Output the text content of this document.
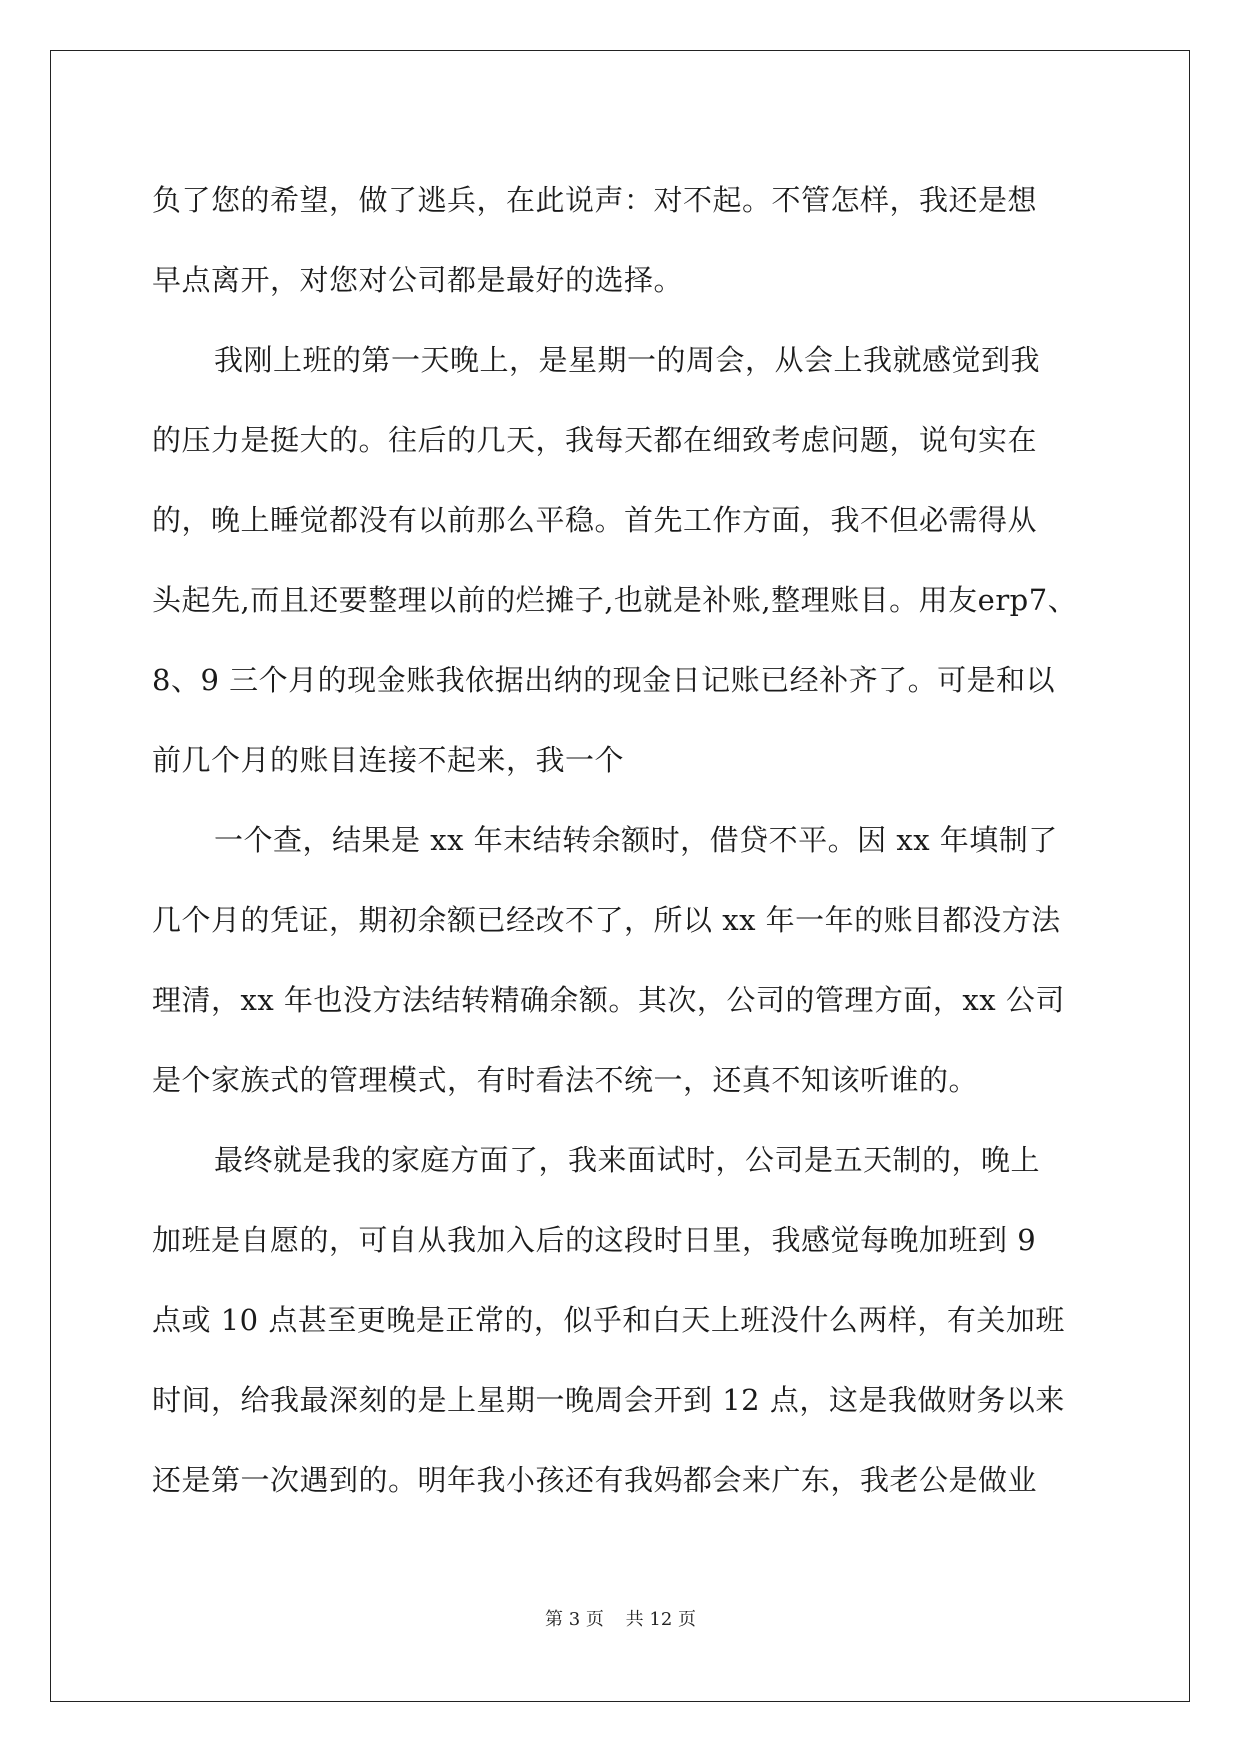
负了您的希望，做了逃兵，在此说声：对不起。不管怎样，我还是想
早点离开，对您对公司都是最好的选择。
我刚上班的第一天晚上，是星期一的周会，从会上我就感觉到我
的压力是挺大的。往后的几天，我每天都在细致考虑问题，说句实在
的，晚上睡觉都没有以前那么平稳。首先工作方面，我不但必需得从
头起先,而且还要整理以前的烂摊子,也就是补账,整理账目。用友erp7、
8、9 三个月的现金账我依据出纳的现金日记账已经补齐了。可是和以
前几个月的账目连接不起来，我一个
一个查，结果是 xx 年末结转余额时，借贷不平。因 xx 年填制了
几个月的凭证，期初余额已经改不了，所以 xx 年一年的账目都没方法
理清，xx 年也没方法结转精确余额。其次，公司的管理方面，xx 公司
是个家族式的管理模式，有时看法不统一，还真不知该听谁的。
最终就是我的家庭方面了，我来面试时，公司是五天制的，晚上
加班是自愿的，可自从我加入后的这段时日里，我感觉每晚加班到 9
点或 10 点甚至更晚是正常的，似乎和白天上班没什么两样，有关加班
时间，给我最深刻的是上星期一晚周会开到 12 点，这是我做财务以来
还是第一次遇到的。明年我小孩还有我妈都会来广东，我老公是做业
第 3 页 共 12 页
